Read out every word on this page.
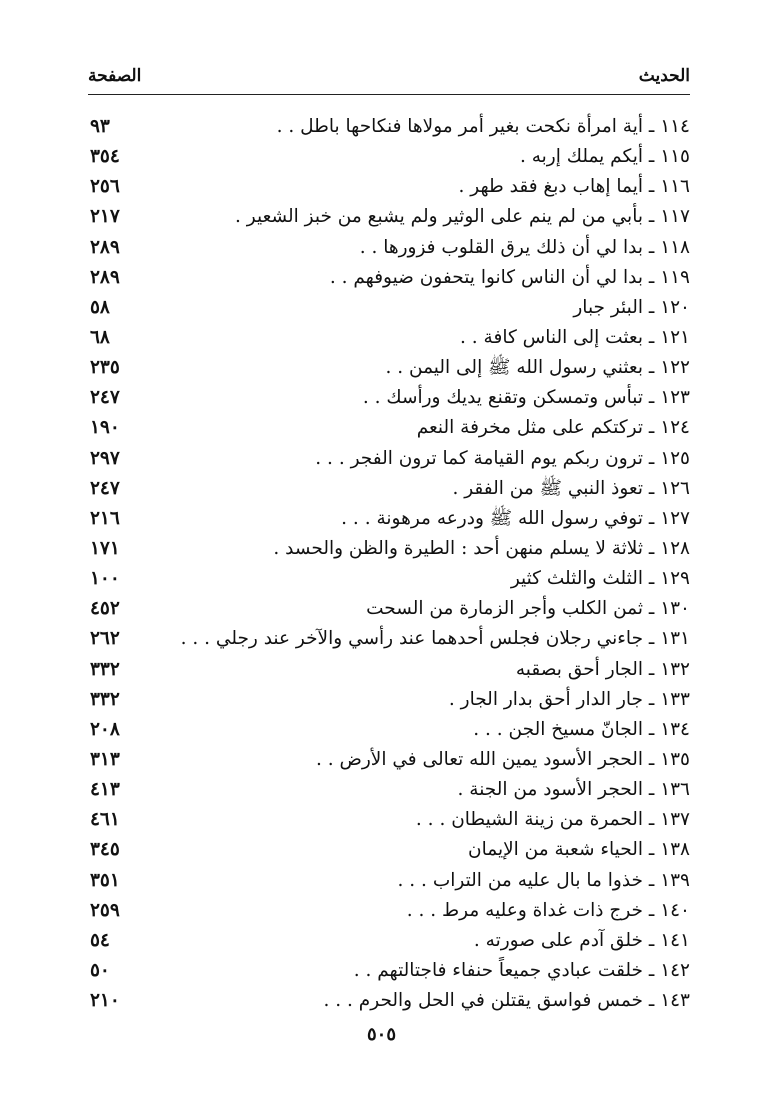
الحديث
الصفحة
١١٤ ـ أية امرأة نكحت بغير أمر مولاها فنكاحها باطل . .
٩٣
١١٥ ـ أيكم يملك إربه .
٣٥٤
١١٦ ـ أيما إهاب دبغ فقد طهر .
٢٥٦
١١٧ ـ بأبي من لم ينم على الوثير ولم يشبع من خبز الشعير .
٢١٧
١١٨ ـ بدا لي أن ذلك يرق القلوب فزورها . .
٢٨٩
١١٩ ـ بدا لي أن الناس كانوا يتحفون ضيوفهم . .
٢٨٩
١٢٠ ـ البئر جبار
٥٨
١٢١ ـ بعثت إلى الناس كافة . .
٦٨
١٢٢ ـ بعثني رسول الله ﷺ إلى اليمن . .
٢٣٥
١٢٣ ـ تبأس وتمسكن وتقنع يديك ورأسك . .
٢٤٧
١٢٤ ـ تركتكم على مثل مخرفة النعم
١٩٠
١٢٥ ـ ترون ربكم يوم القيامة كما ترون الفجر . . .
٢٩٧
١٢٦ ـ تعوذ النبي ﷺ من الفقر .
٢٤٧
١٢٧ ـ توفي رسول الله ﷺ ودرعه مرهونة . . .
٢١٦
١٢٨ ـ ثلاثة لا يسلم منهن أحد : الطيرة والظن والحسد .
١٧١
١٢٩ ـ الثلث والثلث كثير
١٠٠
١٣٠ ـ ثمن الكلب وأجر الزمارة من السحت
٤٥٢
١٣١ ـ جاءني رجلان فجلس أحدهما عند رأسي والآخر عند رجلي . . .
٢٦٢
١٣٢ ـ الجار أحق بصقبه
٣٣٢
١٣٣ ـ جار الدار أحق بدار الجار .
٣٣٢
١٣٤ ـ الجانّ مسيخ الجن . . .
٢٠٨
١٣٥ ـ الحجر الأسود يمين الله تعالى في الأرض . .
٣١٣
١٣٦ ـ الحجر الأسود من الجنة .
٤١٣
١٣٧ ـ الحمرة من زينة الشيطان . . .
٤٦١
١٣٨ ـ الحياء شعبة من الإيمان
٣٤٥
١٣٩ ـ خذوا ما بال عليه من التراب . . .
٣٥١
١٤٠ ـ خرج ذات غداة وعليه مرط . . .
٢٥٩
١٤١ ـ خلق آدم على صورته .
٥٤
١٤٢ ـ خلقت عبادي جميعاً حنفاء فاجتالتهم . .
٥٠
١٤٣ ـ خمس فواسق يقتلن في الحل والحرم . . .
٢١٠
٥٠٥
